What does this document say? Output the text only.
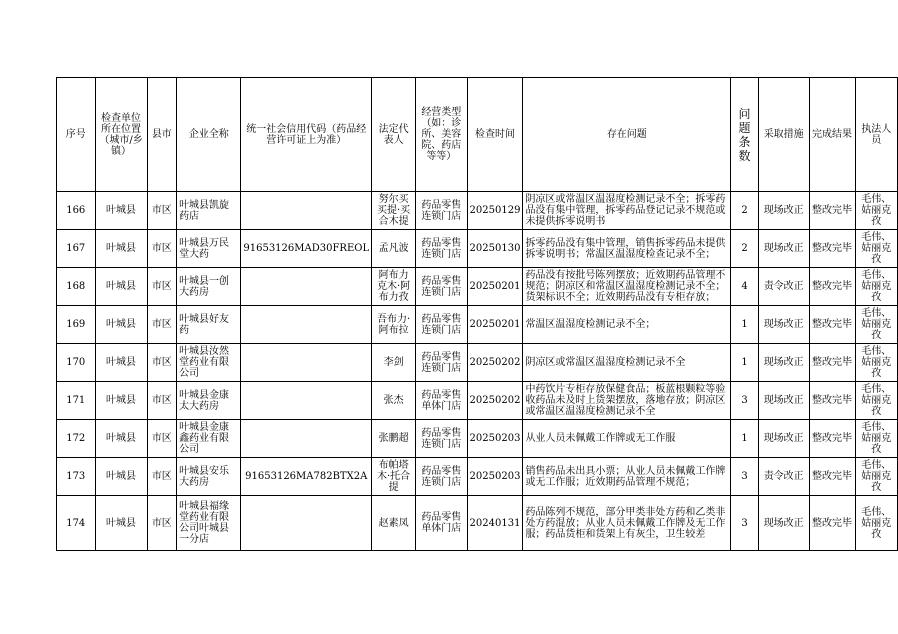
序号	检查单位所在位置（城市/乡镇）	县市	企业全称	统一社会信用代码（药品经营许可证上为准）	法定代表人	经营类型（如：诊所、美容院、药店等等）	检查时间	存在问题	问题条数	采取措施	完成结果	执法人员
166	叶城县	市区	叶城县凯旋药店		努尔买买提·买合木提	药品零售连锁门店	20250129	阴凉区或常温区温湿度检测记录不全；拆零药品没有集中管理，拆零药品登记记录不规范或未提供拆零说明书	2	现场改正	整改完毕	毛伟、姑丽克孜
167	叶城县	市区	叶城县万民堂大药	91653126MAD30FREOL	孟凡波	药品零售连锁门店	20250130	拆零药品没有集中管理，销售拆零药品未提供拆零说明书；常温区温湿度检查记录不全；	2	现场改正	整改完毕	毛伟、姑丽克孜
168	叶城县	市区	叶城县一创大药房		阿布力克木·阿布力孜	药品零售连锁门店	20250201	药品没有按批号陈列摆放；近效期药品管理不规范；阴凉区和常温区温湿度检测记录不全；货架标识不全；近效期药品没有专柜存放；	4	责令改正	整改完毕	毛伟、姑丽克孜
169	叶城县	市区	叶城县好友药		吾布力·阿布拉	药品零售连锁门店	20250201	常温区温湿度检测记录不全；	1	现场改正	整改完毕	毛伟、姑丽克孜
170	叶城县	市区	叶城县汝然堂药业有限公司		李剑	药品零售连锁门店	20250202	阴凉区或常温区温湿度检测记录不全	1	现场改正	整改完毕	毛伟、姑丽克孜
171	叶城县	市区	叶城县金康太大药房		张杰	药品零售单体门店	20250202	中药饮片专柜存放保健食品；板蓝根颗粒等验收药品未及时上货架摆放，落地存放；阴凉区或常温区温湿度检测记录不全	3	现场改正	整改完毕	毛伟、姑丽克孜
172	叶城县	市区	叶城县金康鑫药业有限公司		张鹏超	药品零售连锁门店	20250203	从业人员未佩戴工作牌或无工作服	1	现场改正	整改完毕	毛伟、姑丽克孜
173	叶城县	市区	叶城县安乐大药房	91653126MA782BTX2A	布帕塔木·托合提	药品零售连锁门店	20250203	销售药品未出具小票；从业人员未佩戴工作牌或无工作服；近效期药品管理不规范；	3	责令改正	整改完毕	毛伟、姑丽克孜
174	叶城县	市区	叶城县福缘堂药业有限公司叶城县一分店		赵素凤	药品零售单体门店	20240131	药品陈列不规范，部分甲类非处方药和乙类非处方药混放；从业人员未佩戴工作牌及无工作服；药品货柜和货架上有灰尘，卫生较差	3	现场改正	整改完毕	毛伟、姑丽克孜
